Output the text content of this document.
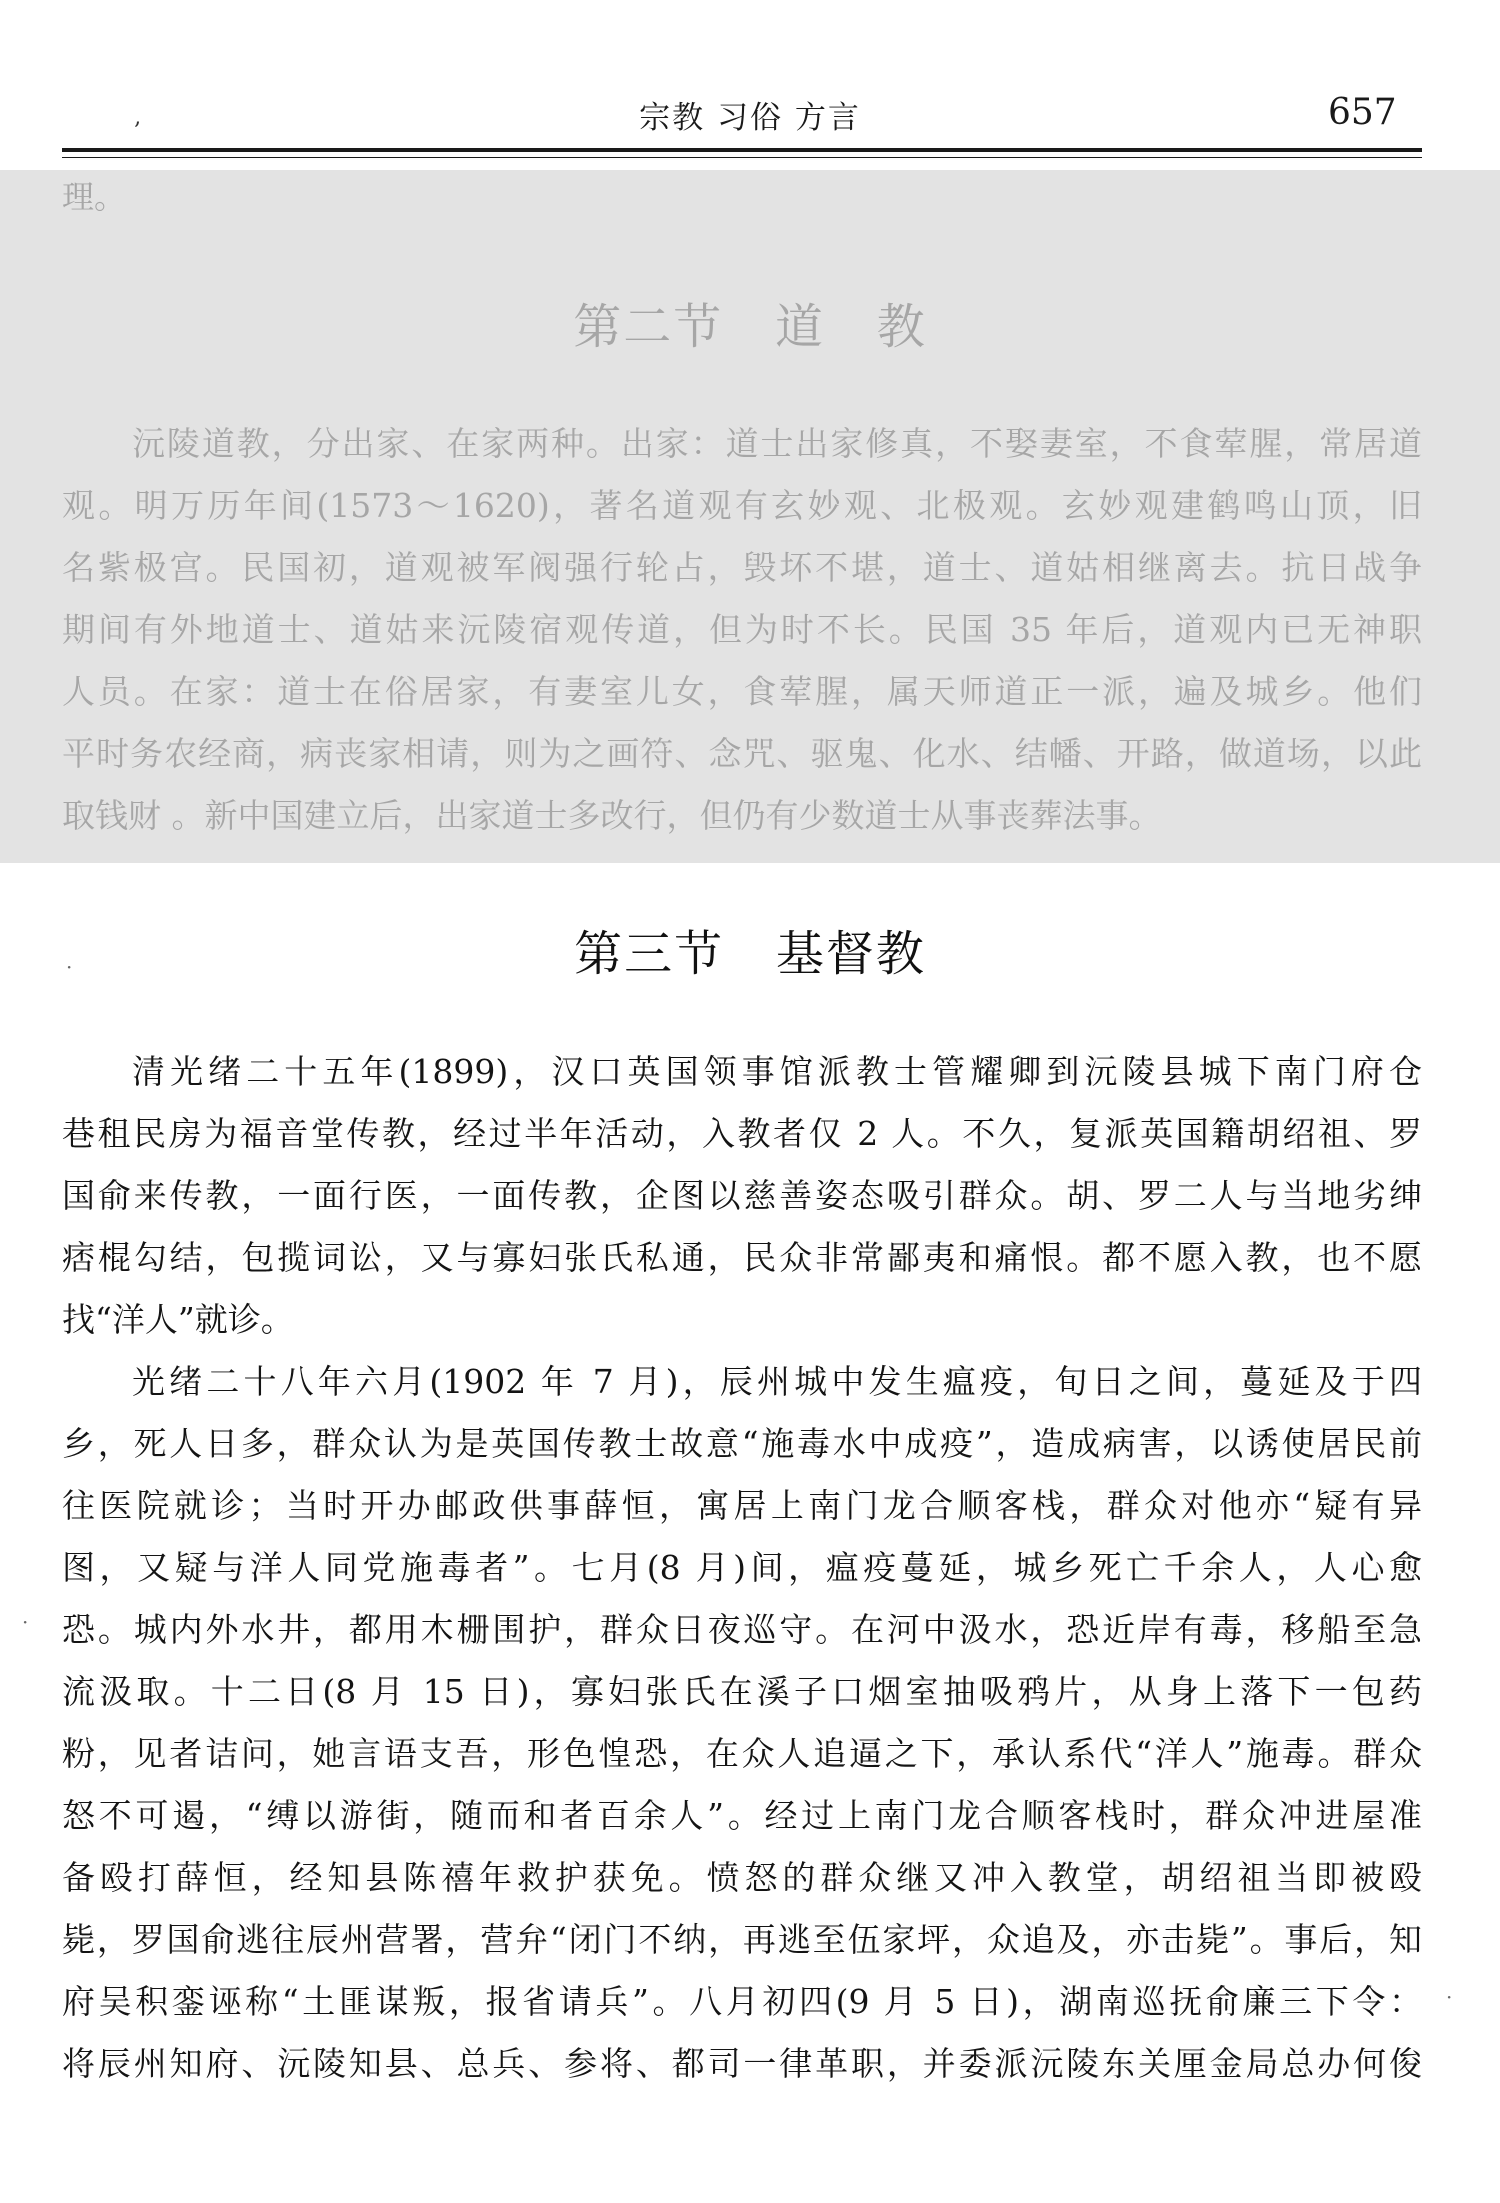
‚	宗教 习俗 方言	657
理。
第二节   道   教
沅陵道教，分出家、在家两种。出家：道士出家修真，不娶妻室，不食荤腥，常居道
观。明万历年间(1573～1620)，著名道观有玄妙观、北极观。玄妙观建鹤鸣山顶，旧
名紫极宫。民国初，道观被军阀强行轮占，毁坏不堪，道士、道姑相继离去。抗日战争
期间有外地道士、道姑来沅陵宿观传道，但为时不长。民国 35 年后，道观内已无神职
人员。在家：道士在俗居家，有妻室儿女，食荤腥，属天师道正一派，遍及城乡。他们
平时务农经商，病丧家相请，则为之画符、念咒、驱鬼、化水、结幡、开路，做道场，以此
取钱财 。新中国建立后，出家道士多改行，但仍有少数道士从事丧葬法事。
第三节   基督教
清光绪二十五年(1899)，汉口英国领事馆派教士管耀卿到沅陵县城下南门府仓
巷租民房为福音堂传教，经过半年活动，入教者仅 2 人。不久，复派英国籍胡绍祖、罗
国俞来传教，一面行医，一面传教，企图以慈善姿态吸引群众。胡、罗二人与当地劣绅
痞棍勾结，包揽词讼，又与寡妇张氏私通，民众非常鄙夷和痛恨。都不愿入教，也不愿
找“洋人”就诊。
光绪二十八年六月(1902 年 7 月)，辰州城中发生瘟疫，旬日之间，蔓延及于四
乡，死人日多，群众认为是英国传教士故意“施毒水中成疫”，造成病害，以诱使居民前
往医院就诊；当时开办邮政供事薛恒，寓居上南门龙合顺客栈，群众对他亦“疑有异
图，又疑与洋人同党施毒者”。七月(8 月)间，瘟疫蔓延，城乡死亡千余人，人心愈
恐。城内外水井，都用木栅围护，群众日夜巡守。在河中汲水，恐近岸有毒，移船至急
流汲取。十二日(8 月 15 日)，寡妇张氏在溪子口烟室抽吸鸦片，从身上落下一包药
粉，见者诘问，她言语支吾，形色惶恐，在众人追逼之下，承认系代“洋人”施毒。群众
怒不可遏，“缚以游街，随而和者百余人”。经过上南门龙合顺客栈时，群众冲进屋准
备殴打薛恒，经知县陈禧年救护获免。愤怒的群众继又冲入教堂，胡绍祖当即被殴
毙，罗国俞逃往辰州营署，营弁“闭门不纳，再逃至伍家坪，众追及，亦击毙”。事后，知
府吴积銮诬称“土匪谋叛，报省请兵”。八月初四(9 月 5 日)，湖南巡抚俞廉三下令：
将辰州知府、沅陵知县、总兵、参将、都司一律革职，并委派沅陵东关厘金局总办何俊
·
·
·
